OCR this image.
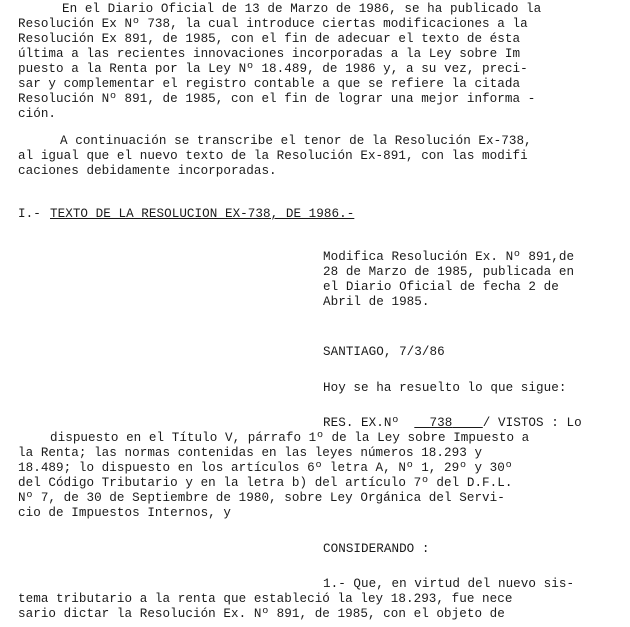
En el Diario Oficial de 13 de Marzo de 1986, se ha publicado la
Resolución Ex Nº 738, la cual introduce ciertas modificaciones a la
Resolución Ex 891, de 1985, con el fin de adecuar el texto de ésta
última a las recientes innovaciones incorporadas a la Ley sobre Im
puesto a la Renta por la Ley Nº 18.489, de 1986 y, a su vez, preci-
sar y complementar el registro contable a que se refiere la citada
Resolución Nº 891, de 1985, con el fin de lograr una mejor informa -
ción.
A continuación se transcribe el tenor de la Resolución Ex-738,
al igual que el nuevo texto de la Resolución Ex-891, con las modifi
caciones debidamente incorporadas.
I.- TEXTO DE LA RESOLUCION EX-738, DE 1986.-
Modifica Resolución Ex. Nº 891,de
28 de Marzo de 1985, publicada en
el Diario Oficial de fecha 2 de
Abril de 1985.
SANTIAGO, 7/3/86
Hoy se ha resuelto lo que sigue:
RES. EX.Nº 738 / VISTOS : Lo
dispuesto en el Título V, párrafo 1º de la Ley sobre Impuesto a
la Renta; las normas contenidas en las leyes números 18.293 y
18.489; lo dispuesto en los artículos 6º letra A, Nº 1, 29º y 30º
del Código Tributario y en la letra b) del artículo 7º del D.F.L.
Nº 7, de 30 de Septiembre de 1980, sobre Ley Orgánica del Servi-
cio de Impuestos Internos, y
CONSIDERANDO :
1.- Que, en virtud del nuevo sis-
tema tributario a la renta que estableció la ley 18.293, fue nece
sario dictar la Resolución Ex. Nº 891, de 1985, con el objeto de
